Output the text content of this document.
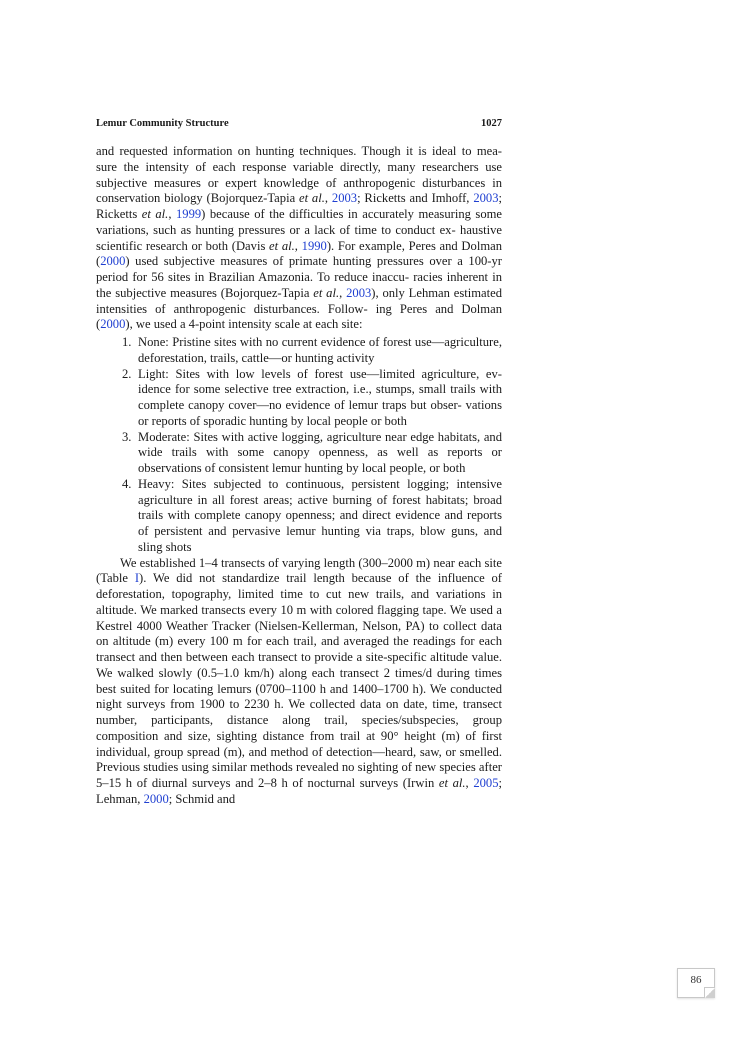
Lemur Community Structure	1027

and requested information on hunting techniques. Though it is ideal to mea- sure the intensity of each response variable directly, many researchers use subjective measures or expert knowledge of anthropogenic disturbances in conservation biology (Bojorquez-Tapia et al., 2003; Ricketts and Imhoff, 2003; Ricketts et al., 1999) because of the difficulties in accurately measuring some variations, such as hunting pressures or a lack of time to conduct ex- haustive scientific research or both (Davis et al., 1990). For example, Peres and Dolman (2000) used subjective measures of primate hunting pressures over a 100-yr period for 56 sites in Brazilian Amazonia. To reduce inaccu- racies inherent in the subjective measures (Bojorquez-Tapia et al., 2003), only Lehman estimated intensities of anthropogenic disturbances. Follow- ing Peres and Dolman (2000), we used a 4-point intensity scale at each site:

1. None: Pristine sites with no current evidence of forest use—agriculture, deforestation, trails, cattle—or hunting activity
2. Light: Sites with low levels of forest use—limited agriculture, ev- idence for some selective tree extraction, i.e., stumps, small trails with complete canopy cover—no evidence of lemur traps but obser- vations or reports of sporadic hunting by local people or both
3. Moderate: Sites with active logging, agriculture near edge habitats, and wide trails with some canopy openness, as well as reports or observations of consistent lemur hunting by local people, or both
4. Heavy: Sites subjected to continuous, persistent logging; intensive agriculture in all forest areas; active burning of forest habitats; broad trails with complete canopy openness; and direct evidence and reports of persistent and pervasive lemur hunting via traps, blow guns, and sling shots

We established 1–4 transects of varying length (300–2000 m) near each site (Table I). We did not standardize trail length because of the influence of deforestation, topography, limited time to cut new trails, and variations in altitude. We marked transects every 10 m with colored flagging tape. We used a Kestrel 4000 Weather Tracker (Nielsen-Kellerman, Nelson, PA) to collect data on altitude (m) every 100 m for each trail, and averaged the readings for each transect and then between each transect to provide a site-specific altitude value. We walked slowly (0.5–1.0 km/h) along each transect 2 times/d during times best suited for locating lemurs (0700–1100 h and 1400–1700 h). We conducted night surveys from 1900 to 2230 h. We collected data on date, time, transect number, participants, distance along trail, species/subspecies, group composition and size, sighting distance from trail at 90° height (m) of first individual, group spread (m), and method of detection—heard, saw, or smelled. Previous studies using similar methods revealed no sighting of new species after 5–15 h of diurnal surveys and 2–8 h of nocturnal surveys (Irwin et al., 2005; Lehman, 2000; Schmid and

86
